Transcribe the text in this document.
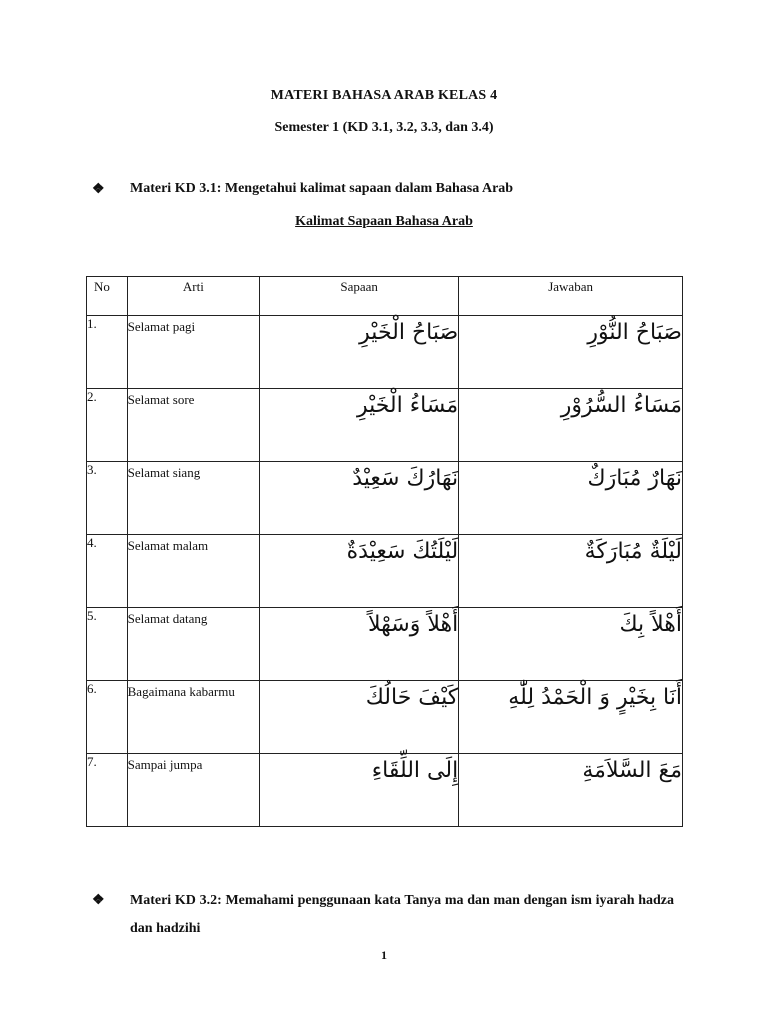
MATERI BAHASA ARAB KELAS 4
Semester 1 (KD 3.1, 3.2, 3.3, dan 3.4)
❖ Materi KD 3.1: Mengetahui kalimat sapaan dalam Bahasa Arab
Kalimat Sapaan Bahasa Arab
No	Arti	Sapaan	Jawaban
1.	Selamat pagi	صَبَاحُ الْخَيْرِ	صَبَاحُ النُّوْرِ
2.	Selamat sore	مَسَاءُ الْخَيْرِ	مَسَاءُ السُّرُوْرِ
3.	Selamat siang	نَهَارُكَ سَعِيْدٌ	نَهَارٌ مُبَارَكٌ
4.	Selamat malam	لَيْلَتُكَ سَعِيْدَةٌ	لَيْلَةٌ مُبَارَكَةٌ
5.	Selamat datang	أَهْلاً وَسَهْلاً	أَهْلاً بِكَ
6.	Bagaimana kabarmu	كَيْفَ حَالُكَ	أَنَا بِخَيْرٍ وَ الْحَمْدُ لِلّٰهِ
7.	Sampai jumpa	إِلَى اللِّقَاءِ	مَعَ السَّلاَمَةِ
❖ Materi KD 3.2: Memahami penggunaan kata Tanya ma dan man dengan ism iyarah hadza dan hadzihi
1
